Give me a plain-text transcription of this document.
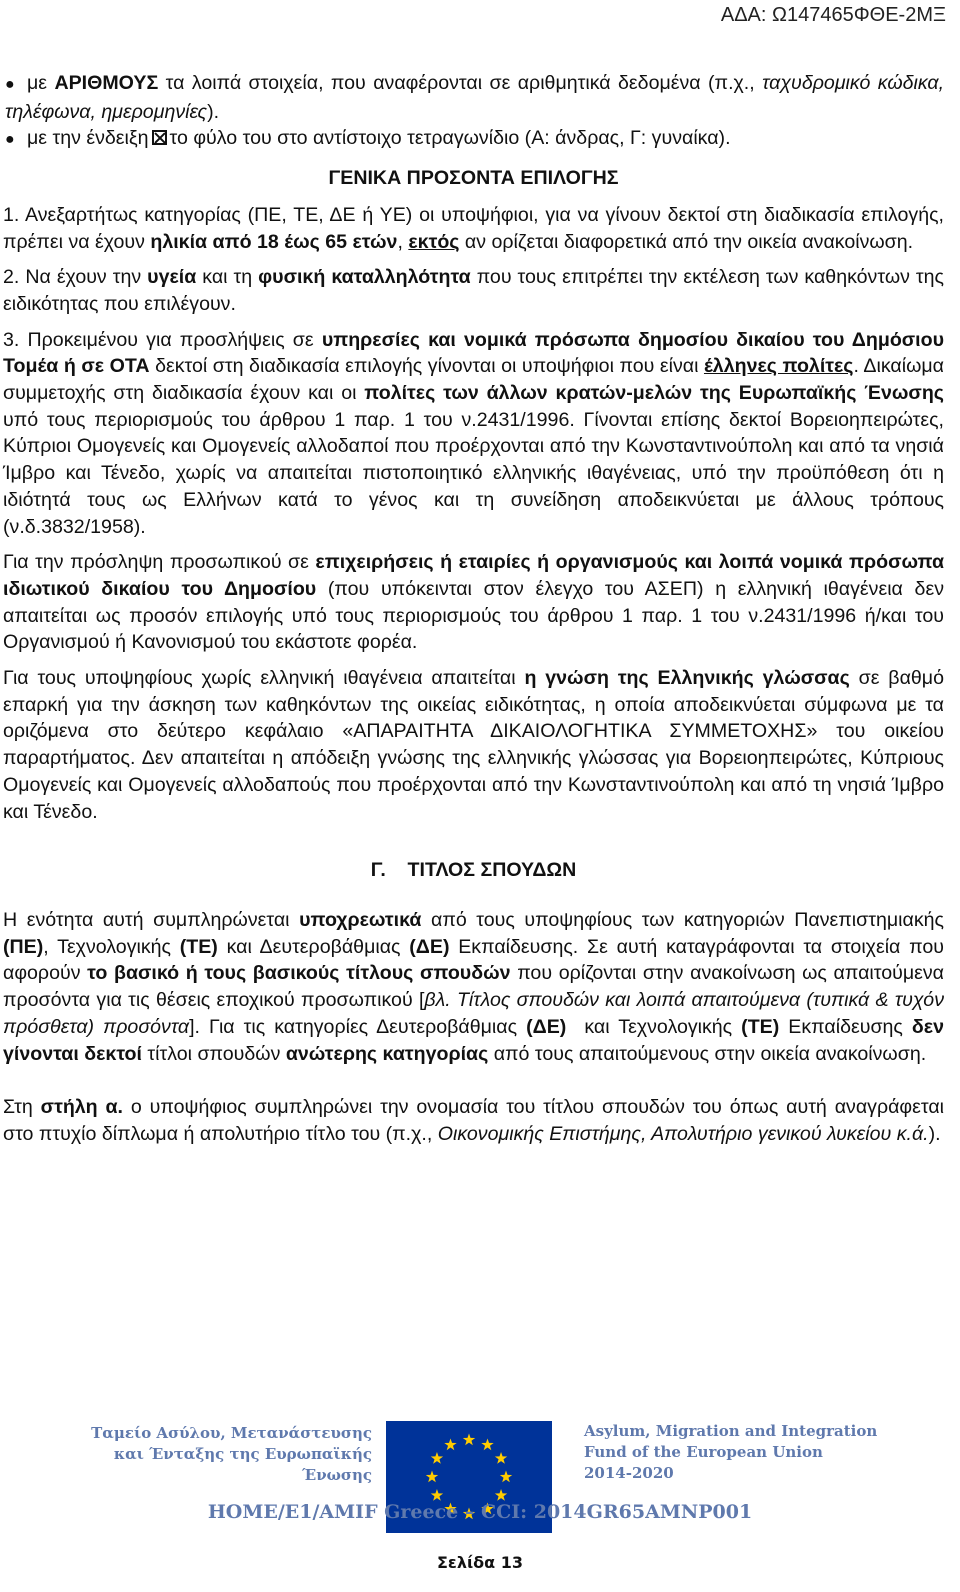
ΑΔΑ: Ω147465ΦΘΕ-2ΜΞ

● με ΑΡΙΘΜΟΥΣ τα λοιπά στοιχεία, που αναφέρονται σε αριθμητικά δεδομένα (π.χ., ταχυδρομικό κώδικα, τηλέφωνα, ημερομηνίες).

● με την ένδειξη το φύλο του στο αντίστοιχο τετραγωνίδιο (Α: άνδρας, Γ: γυναίκα).

ΓΕΝΙΚΑ ΠΡΟΣΟΝΤΑ ΕΠΙΛΟΓΗΣ

1. Ανεξαρτήτως κατηγορίας (ΠΕ, ΤΕ, ΔΕ ή ΥΕ) οι υποψήφιοι, για να γίνουν δεκτοί στη διαδικασία επιλογής, πρέπει να έχουν ηλικία από 18 έως 65 ετών, εκτός αν ορίζεται διαφορετικά από την οικεία ανακοίνωση.

2. Να έχουν την υγεία και τη φυσική καταλληλότητα που τους επιτρέπει την εκτέλεση των καθηκόντων της ειδικότητας που επιλέγουν.

3. Προκειμένου για προσλήψεις σε υπηρεσίες και νομικά πρόσωπα δημοσίου δικαίου του Δημόσιου Τομέα ή σε ΟΤΑ δεκτοί στη διαδικασία επιλογής γίνονται οι υποψήφιοι που είναι έλληνες πολίτες. Δικαίωμα συμμετοχής στη διαδικασία έχουν και οι πολίτες των άλλων κρατών-μελών της Ευρωπαϊκής Ένωσης υπό τους περιορισμούς του άρθρου 1 παρ. 1 του ν.2431/1996. Γίνονται επίσης δεκτοί Βορειοηπειρώτες, Κύπριοι Ομογενείς και Ομογενείς αλλοδαποί που προέρχονται από την Κωνσταντινούπολη και από τα νησιά Ίμβρο και Τένεδο, χωρίς να απαιτείται πιστοποιητικό ελληνικής ιθαγένειας, υπό την προϋπόθεση ότι η ιδιότητά τους ως Ελλήνων κατά το γένος και τη συνείδηση αποδεικνύεται με άλλους τρόπους (ν.δ.3832/1958).

Για την πρόσληψη προσωπικού σε επιχειρήσεις ή εταιρίες ή οργανισμούς και λοιπά νομικά πρόσωπα ιδιωτικού δικαίου του Δημοσίου (που υπόκεινται στον έλεγχο του ΑΣΕΠ) η ελληνική ιθαγένεια δεν απαιτείται ως προσόν επιλογής υπό τους περιορισμούς του άρθρου 1 παρ. 1 του ν.2431/1996 ή/και του Οργανισμού ή Κανονισμού του εκάστοτε φορέα.

Για τους υποψηφίους χωρίς ελληνική ιθαγένεια απαιτείται η γνώση της Ελληνικής γλώσσας σε βαθμό επαρκή για την άσκηση των καθηκόντων της οικείας ειδικότητας, η οποία αποδεικνύεται σύμφωνα με τα οριζόμενα στο δεύτερο κεφάλαιο «ΑΠΑΡΑΙΤΗΤΑ ΔΙΚΑΙΟΛΟΓΗΤΙΚΑ ΣΥΜΜΕΤΟΧΗΣ» του οικείου παραρτήματος. Δεν απαιτείται η απόδειξη γνώσης της ελληνικής γλώσσας για Βορειοηπειρώτες, Κύπριους Ομογενείς και Ομογενείς αλλοδαπούς που προέρχονται από την Κωνσταντινούπολη και από τη νησιά Ίμβρο και Τένεδο.

Γ.    ΤΙΤΛΟΣ ΣΠΟΥΔΩΝ

Η ενότητα αυτή συμπληρώνεται υποχρεωτικά από τους υποψηφίους των κατηγοριών Πανεπιστημιακής (ΠΕ), Τεχνολογικής (ΤΕ) και Δευτεροβάθμιας (ΔΕ) Εκπαίδευσης. Σε αυτή καταγράφονται τα στοιχεία που αφορούν το βασικό ή τους βασικούς τίτλους σπουδών που ορίζονται στην ανακοίνωση ως απαιτούμενα προσόντα για τις θέσεις εποχικού προσωπικού [βλ. Τίτλος σπουδών και λοιπά απαιτούμενα (τυπικά & τυχόν πρόσθετα) προσόντα]. Για τις κατηγορίες Δευτεροβάθμιας (ΔΕ)  και Τεχνολογικής (ΤΕ) Εκπαίδευσης δεν γίνονται δεκτοί τίτλοι σπουδών ανώτερης κατηγορίας από τους απαιτούμενους στην οικεία ανακοίνωση.

Στη στήλη α. ο υποψήφιος συμπληρώνει την ονομασία του τίτλου σπουδών του όπως αυτή αναγράφεται στο πτυχίο δίπλωμα ή απολυτήριο τίτλο του (π.χ., Οικονομικής Επιστήμης, Απολυτήριο γενικού λυκείου κ.ά.).

Ταμείο Ασύλου, Μετανάστευσης
και Ένταξης της Ευρωπαϊκής
Ένωσης
Asylum, Migration and Integration
Fund of the European Union
2014-2020
HOME/E1/AMIF Greece – CCI: 2014GR65AMNP001
Σελίδα 13
